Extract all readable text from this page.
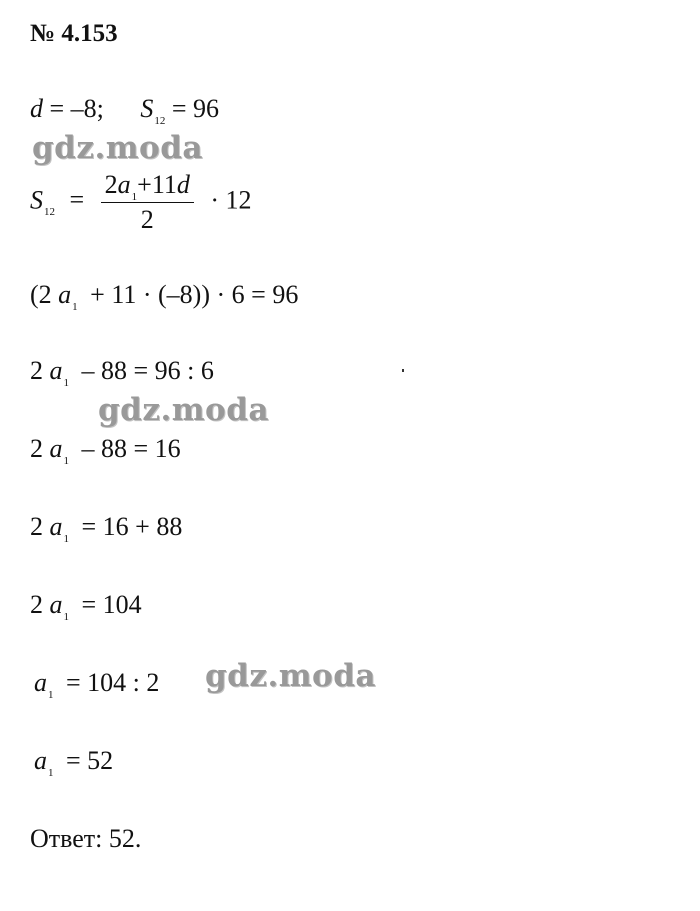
№ 4.153
d = –8; $S_{12} = 96$
$S_{12} = \frac{2a_1+11d}{2} \cdot 12$
(2 $a_1 + 11 \cdot (-8)) \cdot 6 = 96$
2 $a_1 - 88 = 96$ : 6
2 $a_1 - 88 = 16$
2 $a_1 = 16 + 88$
2 $a_1 = 104$
$a_1 = 104$ : 2
$a_1 = 52$
Ответ: 52.
gdz.moda
gdz.moda
gdz.moda
